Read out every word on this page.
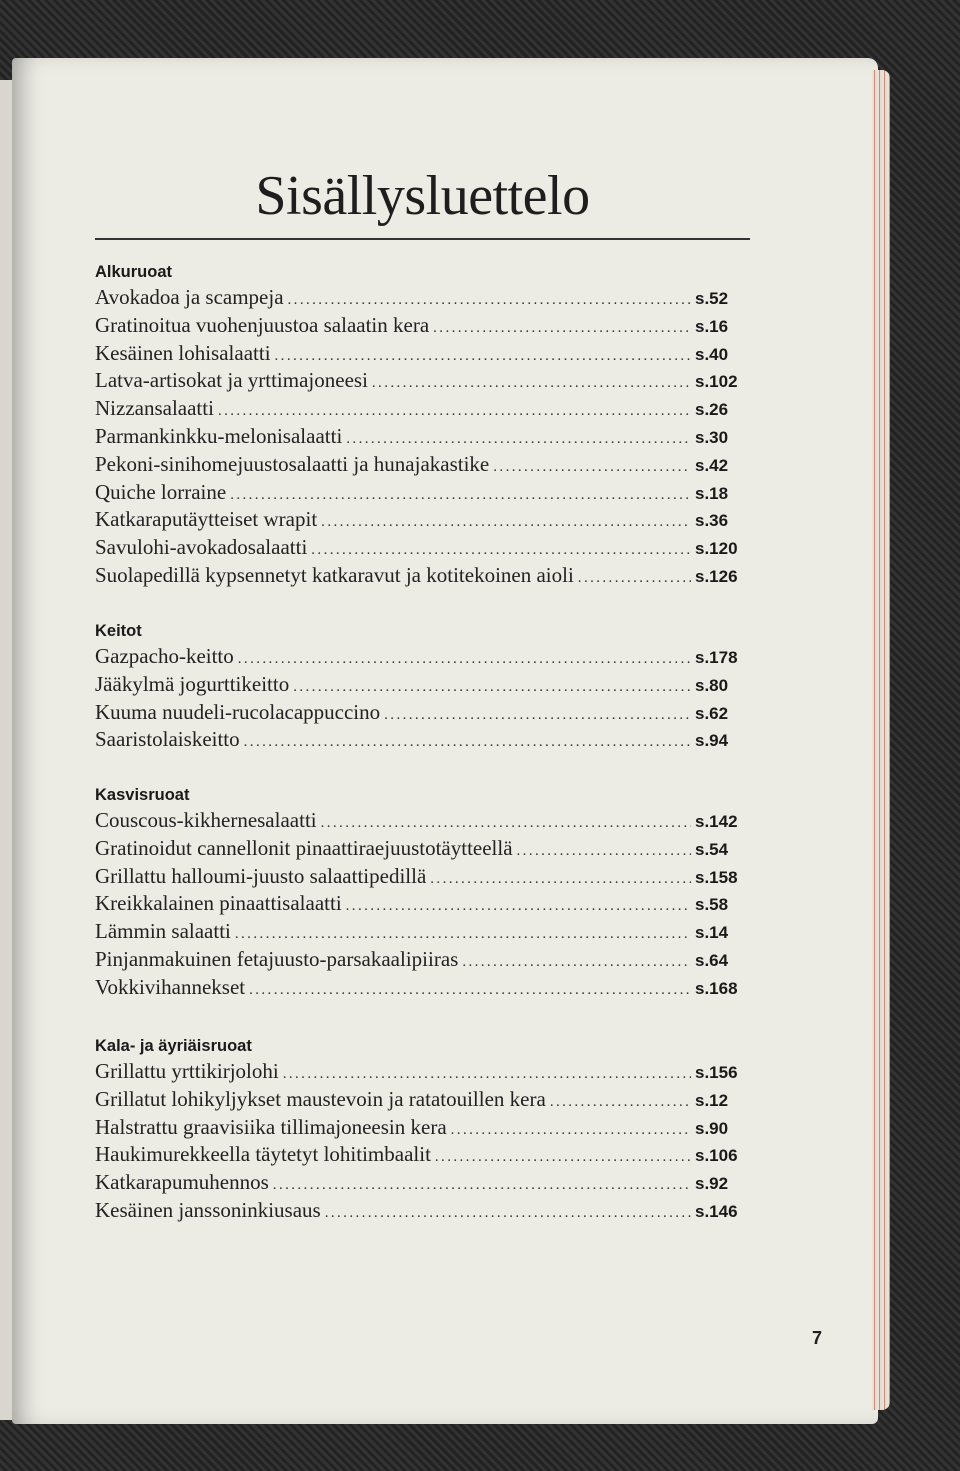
Sisällysluettelo
Alkuruoat
Avokadoa ja scampeja .....	s.52
Gratinoitua vuohenjuustoa salaatin kera .....	s.16
Kesäinen lohisalaatti .....	s.40
Latva-artisokat ja yrttimajoneesi .....	s.102
Nizzansalaatti .....	s.26
Parmankinkku-melonisalaatti .....	s.30
Pekoni-sinihomejuustosalaatti ja hunajakastike .....	s.42
Quiche lorraine .....	s.18
Katkaraputäytteiset wrapit .....	s.36
Savulohi-avokadosalaatti .....	s.120
Suolapedillä kypsennetyt katkaravut ja kotitekoinen aioli .....	s.126
Keitot
Gazpacho-keitto .....	s.178
Jääkylmä jogurttikeitto .....	s.80
Kuuma nuudeli-rucolacappuccino .....	s.62
Saaristolaiskeitto .....	s.94
Kasvisruoat
Couscous-kikhernesalaatti .....	s.142
Gratinoidut cannellonit pinaattiraejuustotäytteellä .....	s.54
Grillattu halloumi-juusto salaattipedillä .....	s.158
Kreikkalainen pinaattisalaatti .....	s.58
Lämmin salaatti .....	s.14
Pinjanmakuinen fetajuusto-parsakaalipiiras .....	s.64
Vokkivihannekset .....	s.168
Kala- ja äyriäisruoat
Grillattu yrttikirjolohi .....	s.156
Grillatut lohikyljykset maustevoin ja ratatouillen kera .....	s.12
Halstrattu graavisiika tillimajoneesin kera .....	s.90
Haukimurekkeella täytetyt lohitimbaalit .....	s.106
Katkarapumuhennos .....	s.92
Kesäinen janssoninkiusaus .....	s.146
7
